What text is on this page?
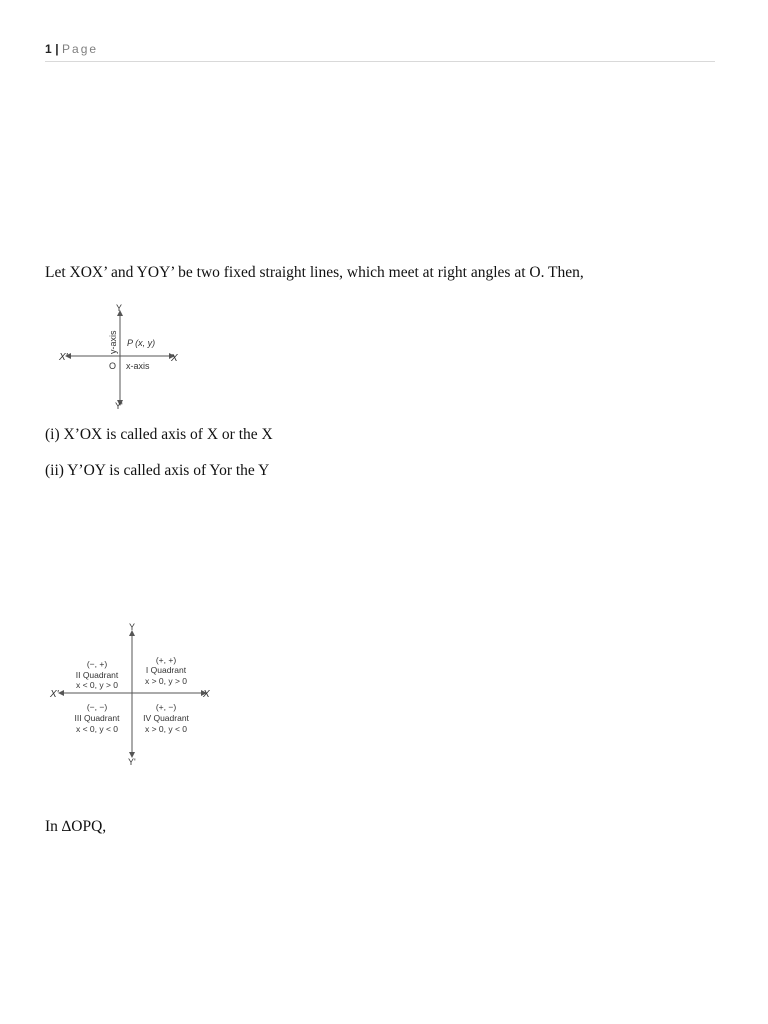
1 | Page
Let XOX’ and YOY’ be two fixed straight lines, which meet at right angles at O. Then,
Y
Y'
X
X'
O x-axis
P (x, y)
y-axis
(i) X’OX is called axis of X or the X
(ii) Y’OY is called axis of Yor the Y
Y
Y'
X
X'
(−, +)
II Quadrant
x < 0, y > 0
(+, +)
I Quadrant
x > 0, y > 0
(−, −)
III Quadrant
x < 0, y < 0
(+, −)
IV Quadrant
x > 0, y < 0
In ∆OPQ,
